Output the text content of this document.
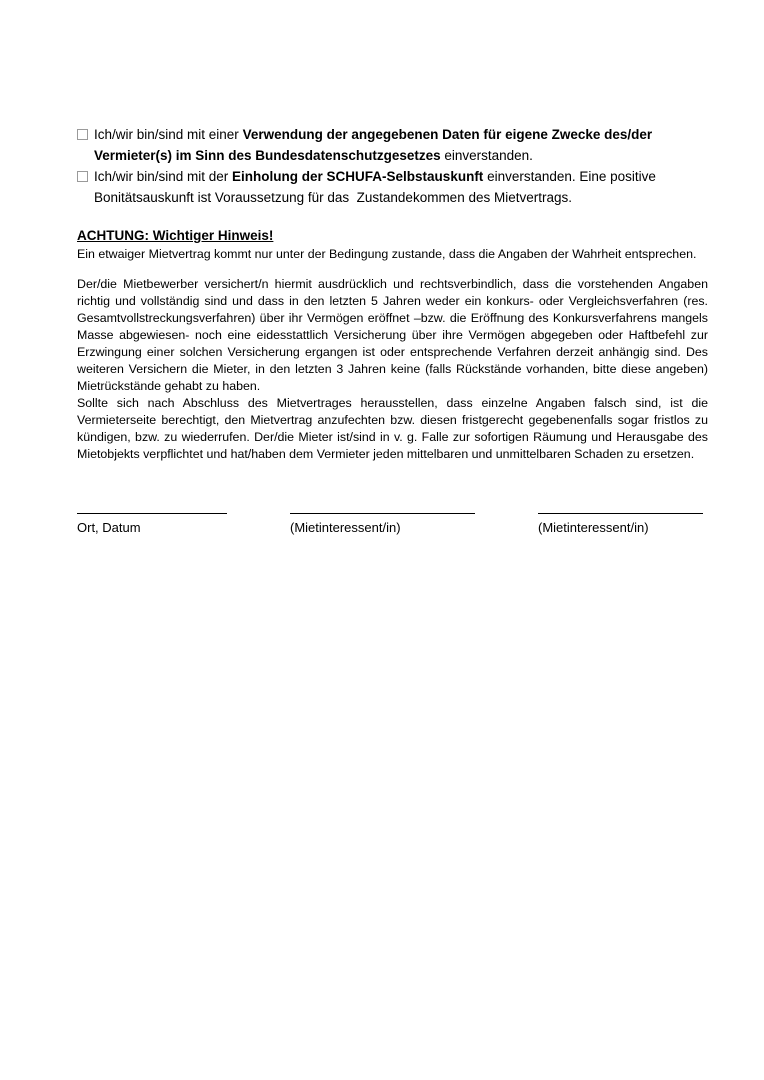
Ich/wir bin/sind mit einer Verwendung der angegebenen Daten für eigene Zwecke des/der Vermieter(s) im Sinn des Bundesdatenschutzgesetzes einverstanden.
Ich/wir bin/sind mit der Einholung der SCHUFA-Selbstauskunft einverstanden. Eine positive Bonitätsauskunft ist Voraussetzung für das  Zustandekommen des Mietvertrags.
ACHTUNG: Wichtiger Hinweis!
Ein etwaiger Mietvertrag kommt nur unter der Bedingung zustande, dass die Angaben der Wahrheit entsprechen.

Der/die Mietbewerber versichert/n hiermit ausdrücklich und rechtsverbindlich, dass die vorstehenden Angaben richtig und vollständig sind und dass in den letzten 5 Jahren weder ein konkurs- oder Vergleichsverfahren (res. Gesamtvollstreckungsverfahren) über ihr Vermögen eröffnet –bzw. die Eröffnung des Konkursverfahrens mangels Masse abgewiesen- noch eine eidesstattlich Versicherung über ihre Vermögen abgegeben oder Haftbefehl zur Erzwingung einer solchen Versicherung ergangen ist oder entsprechende Verfahren derzeit anhängig sind. Des weiteren Versichern die Mieter, in den letzten 3 Jahren keine (falls Rückstände vorhanden, bitte diese angeben) Mietrückstände gehabt zu haben.

Sollte sich nach Abschluss des Mietvertrages herausstellen, dass einzelne Angaben falsch sind, ist die Vermieterseite berechtigt, den Mietvertrag anzufechten bzw. diesen fristgerecht gegebenenfalls sogar fristlos zu kündigen, bzw. zu wiederrufen. Der/die Mieter ist/sind in v. g. Falle zur sofortigen Räumung und Herausgabe des Mietobjekts verpflichtet und hat/haben dem Vermieter jeden mittelbaren und unmittelbaren Schaden zu ersetzen.

Ort, Datum	(Mietinteressent/in)	(Mietinteressent/in)
